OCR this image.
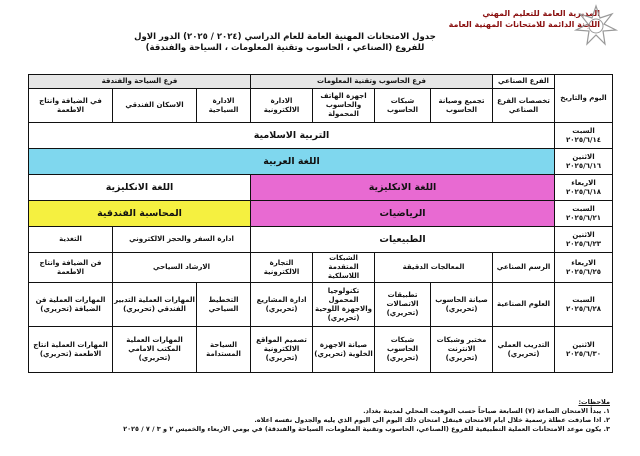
المديرية العامة للتعليم المهني
اللجنة الدائمة للامتحانات المهنية العامة
جدول الامتحانات المهنية العامة للعام الدراسي (٢٠٢٤ / ٢٠٢٥) الدور الاول
للفروع (الصناعي ، الحاسوب وتقنية المعلومات ، السياحة والفندقة)
اليوم والتاريخ	الفرع الصناعي	فرع الحاسوب وتقنية المعلومات				فرع السياحة والفندقة		
	تخصصات الفرع الصناعي	تجميع وصيانة الحاسوب	شبكات الحاسوب	اجهزة الهاتف والحاسوب المحمولة	الادارة الالكترونية	الادارة السياحية	الاسكان الفندقي	في الضيافة وانتاج الاطعمة

السبت
٢٠٢٥/٦/١٤	التربية الاسلامية							

الاثنين
٢٠٢٥/٦/١٦	اللغة العربية							

الاربعاء
٢٠٢٥/٦/١٨	اللغة الانكليزية					اللغة الانكليزية		

السبت
٢٠٢٥/٦/٢١	الرياضيات					المحاسبة الفندقية		

الاثنين
٢٠٢٥/٦/٢٣	الطبيعيات					ادارة السفر والحجز الالكتروني		التغذية

الاربعاء
٢٠٢٥/٦/٢٥	الرسم الصناعي	المعالجات الدقيقة		الشبكات المتقدمة اللاسلكية	التجارة الالكترونية	الارشاد السياحي		فن الضيافة وانتاج الاطعمة

السبت
٢٠٢٥/٦/٢٨	العلوم الصناعية	صيانة الحاسوب (تحريري)	تطبيقات الاتصالات (تحريري)	تكنولوجيا المحمول والاجهزة اللوحية (تحريري)	ادارة المشاريع (تحريري)	التخطيط السياحي	المهارات العملية التدبير الفندقي (تحريري)	المهارات العملية فن الضيافة (تحريري)

الاثنين
٢٠٢٥/٦/٣٠	التدريب العملي (تحريري)	مختبر وشبكات الانترنت (تحريري)	شبكات الحاسوب (تحريري)	صيانة الاجهزة الخلوية (تحريري)	تصميم المواقع الالكترونية (تحريري)	السياحة المستدامة	المهارات العملية المكتب الامامي (تحريري)	المهارات العملية انتاج الاطعمة (تحريري)
ملاحظات:
١. يبدأ الامتحان الساعة (٧) السابعة صباحاً حسب التوقيت المحلي لمدينة بغداد.
٢. اذا صادفت عطلة رسمية خلال ايام الامتحان فينقل امتحان ذلك اليوم الى اليوم الذي يليه والجدول نفسه اعلاه.
٣. يكون موعد الامتحانات العملية التطبيقية للفروع (الصناعي، الحاسوب وتقنية المعلومات، السياحة والفندقة) في يومي الاربعاء والخميس ٢ و ٣ / ٧ / ٢٠٢٥
